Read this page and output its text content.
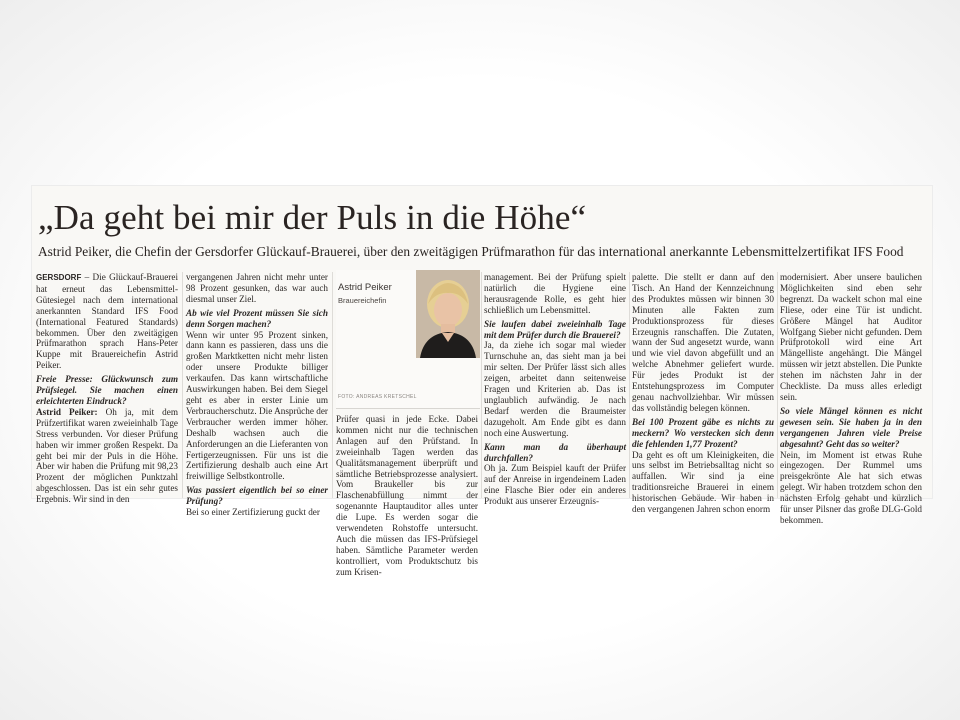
„Da geht bei mir der Puls in die Höhe“
Astrid Peiker, die Chefin der Gersdorfer Glückauf-Brauerei, über den zweitägigen Prüfmarathon für das international anerkannte Lebensmittelzertifikat IFS Food
Astrid Peiker
Brauereichefin
FOTO: ANDREAS KRETSCHEL

GERSDORF – Die Glückauf-Brauerei hat erneut das Lebensmittel-Gütesiegel nach dem international anerkannten Standard IFS Food (International Featured Standards) bekommen. Über den zweitägigen Prüfmarathon sprach Hans-Peter Kuppe mit Brauereichefin Astrid Peiker.

Freie Presse: Glückwunsch zum Prüfsiegel. Sie machen einen erleichterten Eindruck?

Astrid Peiker: Oh ja, mit dem Prüfzertifikat waren zweieinhalb Tage Stress verbunden. Vor dieser Prüfung haben wir immer großen Respekt. Da geht bei mir der Puls in die Höhe. Aber wir haben die Prüfung mit 98,23 Prozent der möglichen Punktzahl abgeschlossen. Das ist ein sehr gutes Ergebnis. Wir sind in den

vergangenen Jahren nicht mehr unter 98 Prozent gesunken, das war auch diesmal unser Ziel.

Ab wie viel Prozent müssen Sie sich denn Sorgen machen?

Wenn wir unter 95 Prozent sinken, dann kann es passieren, dass uns die großen Marktketten nicht mehr listen oder unsere Produkte billiger verkaufen. Das kann wirtschaftliche Auswirkungen haben. Bei dem Siegel geht es aber in erster Linie um Verbraucherschutz. Die Ansprüche der Verbraucher werden immer höher. Deshalb wachsen auch die Anforderungen an die Lieferanten von Fertigerzeugnissen. Für uns ist die Zertifizierung deshalb auch eine Art freiwillige Selbstkontrolle.

Was passiert eigentlich bei so einer Prüfung?

Bei so einer Zertifizierung guckt der

Prüfer quasi in jede Ecke. Dabei kommen nicht nur die technischen Anlagen auf den Prüfstand. In zweieinhalb Tagen werden das Qualitätsmanagement überprüft und sämtliche Betriebsprozesse analysiert. Vom Braukeller bis zur Flaschenabfüllung nimmt der sogenannte Hauptauditor alles unter die Lupe. Es werden sogar die verwendeten Rohstoffe untersucht. Auch die müssen das IFS-Prüfsiegel haben. Sämtliche Parameter werden kontrolliert, vom Produktschutz bis zum Krisen-

management. Bei der Prüfung spielt natürlich die Hygiene eine herausragende Rolle, es geht hier schließlich um Lebensmittel.

Sie laufen dabei zweieinhalb Tage mit dem Prüfer durch die Brauerei?

Ja, da ziehe ich sogar mal wieder Turnschuhe an, das sieht man ja bei mir selten. Der Prüfer lässt sich alles zeigen, arbeitet dann seitenweise Fragen und Kriterien ab. Das ist unglaublich aufwändig. Je nach Bedarf werden die Braumeister dazugeholt. Am Ende gibt es dann noch eine Auswertung.

Kann man da überhaupt durchfallen?

Oh ja. Zum Beispiel kauft der Prüfer auf der Anreise in irgendeinem Laden eine Flasche Bier oder ein anderes Produkt aus unserer Erzeugnis-

palette. Die stellt er dann auf den Tisch. An Hand der Kennzeichnung des Produktes müssen wir binnen 30 Minuten alle Fakten zum Produktionsprozess für dieses Erzeugnis ranschaffen. Die Zutaten, wann der Sud angesetzt wurde, wann und wie viel davon abgefüllt und an welche Abnehmer geliefert wurde. Für jedes Produkt ist der Entstehungsprozess im Computer genau nachvollziehbar. Wir müssen das vollständig belegen können.

Bei 100 Prozent gäbe es nichts zu meckern? Wo verstecken sich denn die fehlenden 1,77 Prozent?

Da geht es oft um Kleinigkeiten, die uns selbst im Betriebsalltag nicht so auffallen. Wir sind ja eine traditionsreiche Brauerei in einem historischen Gebäude. Wir haben in den vergangenen Jahren schon enorm

modernisiert. Aber unsere baulichen Möglichkeiten sind eben sehr begrenzt. Da wackelt schon mal eine Fliese, oder eine Tür ist undicht. Größere Mängel hat Auditor Wolfgang Sieber nicht gefunden. Dem Prüfprotokoll wird eine Art Mängelliste angehängt. Die Mängel müssen wir jetzt abstellen. Die Punkte stehen im nächsten Jahr in der Checkliste. Da muss alles erledigt sein.

So viele Mängel können es nicht gewesen sein. Sie haben ja in den vergangenen Jahren viele Preise abgesahnt? Geht das so weiter?

Nein, im Moment ist etwas Ruhe eingezogen. Der Rummel ums preisgekrönte Ale hat sich etwas gelegt. Wir haben trotzdem schon den nächsten Erfolg gehabt und kürzlich für unser Pilsner das große DLG-Gold bekommen.
